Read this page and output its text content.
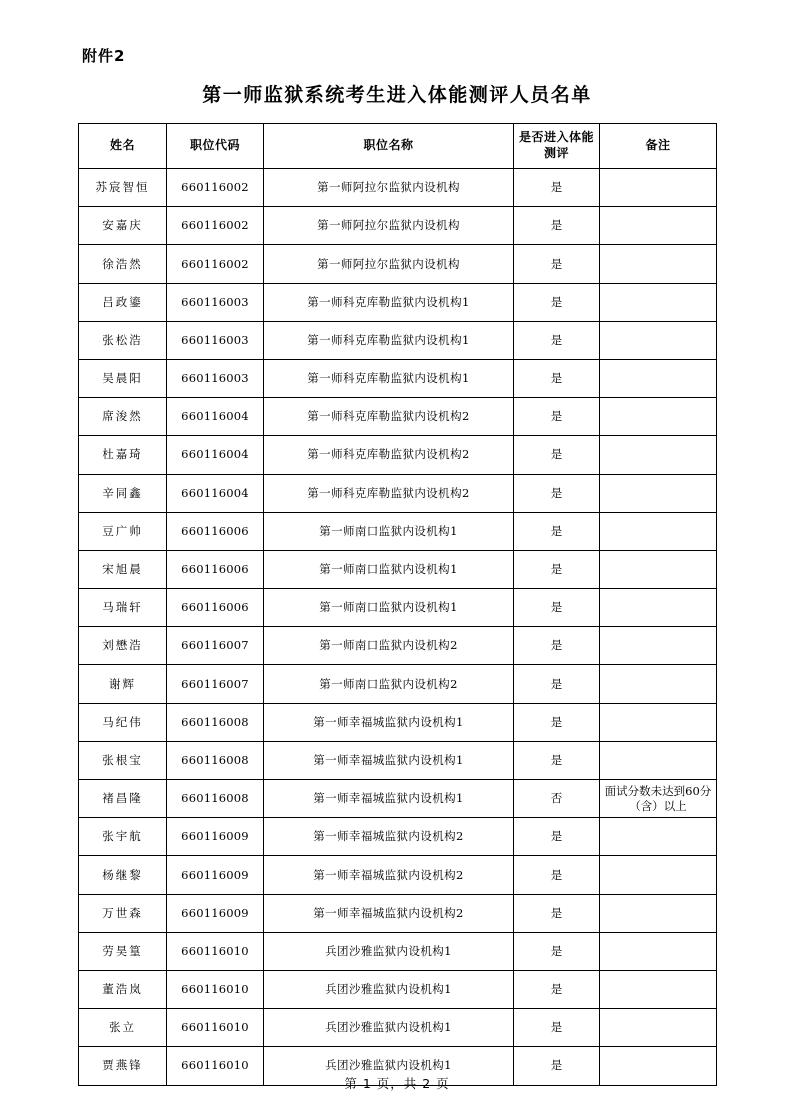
附件2
第一师监狱系统考生进入体能测评人员名单
姓名	职位代码	职位名称	是否进入体能测评	备注
苏宸智恒	660116002	第一师阿拉尔监狱内设机构	是	
安嘉庆	660116002	第一师阿拉尔监狱内设机构	是	
徐浩然	660116002	第一师阿拉尔监狱内设机构	是	
吕政鎏	660116003	第一师科克库勒监狱内设机构1	是	
张松浩	660116003	第一师科克库勒监狱内设机构1	是	
吴晨阳	660116003	第一师科克库勒监狱内设机构1	是	
席浚然	660116004	第一师科克库勒监狱内设机构2	是	
杜嘉琦	660116004	第一师科克库勒监狱内设机构2	是	
辛同鑫	660116004	第一师科克库勒监狱内设机构2	是	
豆广帅	660116006	第一师南口监狱内设机构1	是	
宋旭晨	660116006	第一师南口监狱内设机构1	是	
马瑞轩	660116006	第一师南口监狱内设机构1	是	
刘懋浩	660116007	第一师南口监狱内设机构2	是	
谢辉	660116007	第一师南口监狱内设机构2	是	
马纪伟	660116008	第一师幸福城监狱内设机构1	是	
张根宝	660116008	第一师幸福城监狱内设机构1	是	
褚昌隆	660116008	第一师幸福城监狱内设机构1	否	面试分数未达到60分（含）以上
张宇航	660116009	第一师幸福城监狱内设机构2	是	
杨继黎	660116009	第一师幸福城监狱内设机构2	是	
万世森	660116009	第一师幸福城监狱内设机构2	是	
劳昊篁	660116010	兵团沙雅监狱内设机构1	是	
董浩岚	660116010	兵团沙雅监狱内设机构1	是	
张立	660116010	兵团沙雅监狱内设机构1	是	
贾燕锋	660116010	兵团沙雅监狱内设机构1	是	
第 1 页，共 2 页
